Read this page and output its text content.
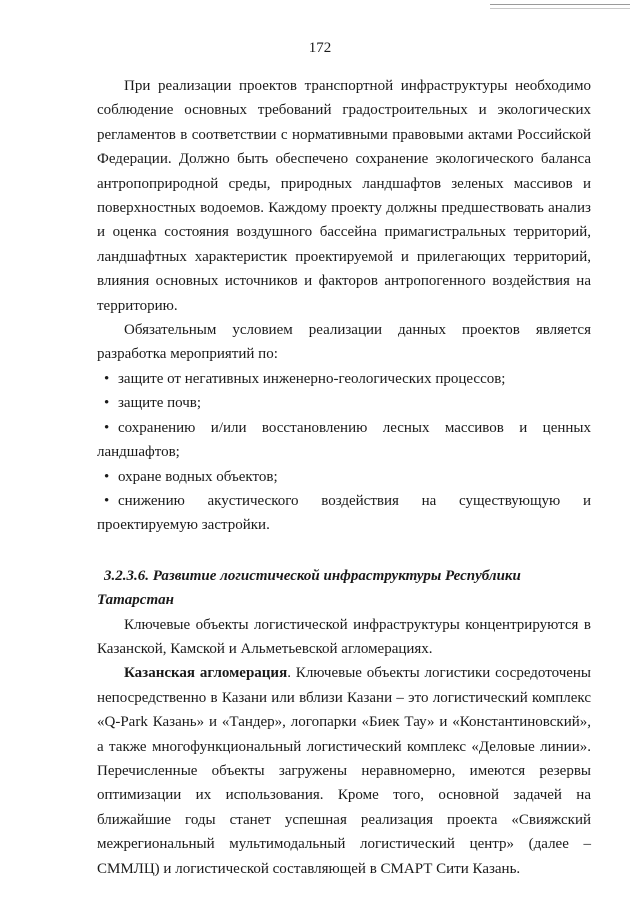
172

При реализации проектов транспортной инфраструктуры необходимо соблюдение основных требований градостроительных и экологических регламентов в соответствии с нормативными правовыми актами Российской Федерации. Должно быть обеспечено сохранение экологического баланса антропоприродной среды, природных ландшафтов зеленых массивов и поверхностных водоемов. Каждому проекту должны предшествовать анализ и оценка состояния воздушного бассейна примагистральных территорий, ландшафтных характеристик проектируемой и прилегающих территорий, влияния основных источников и факторов антропогенного воздействия на территорию.

Обязательным условием реализации данных проектов является разработка мероприятий по:

• защите от негативных инженерно-геологических процессов;
• защите почв;
• сохранению и/или восстановлению лесных массивов и ценных ландшафтов;
• охране водных объектов;
• снижению акустического воздействия на существующую и проектируемую застройки.

3.2.3.6. Развитие логистической инфраструктуры Республики Татарстан

Ключевые объекты логистической инфраструктуры концентрируются в Казанской, Камской и Альметьевской агломерациях.

Казанская агломерация. Ключевые объекты логистики сосредоточены непосредственно в Казани или вблизи Казани – это логистический комплекс «Q-Park Казань» и «Тандер», логопарки «Биек Тау» и «Константиновский», а также многофункциональный логистический комплекс «Деловые линии». Перечисленные объекты загружены неравномерно, имеются резервы оптимизации их использования. Кроме того, основной задачей на ближайшие годы станет успешная реализация проекта «Свияжский межрегиональный мультимодальный логистический центр» (далее – СММЛЦ) и логистической составляющей в СМАРТ Сити Казань.
